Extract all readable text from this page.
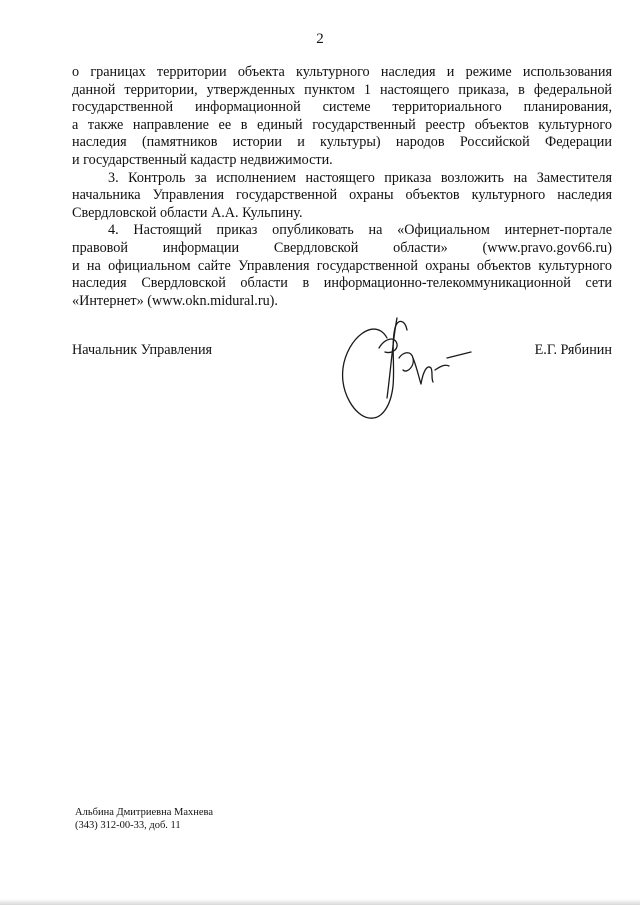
2
о границах территории объекта культурного наследия и режиме использования
данной территории, утвержденных пунктом 1 настоящего приказа, в федеральной
государственной информационной системе территориального планирования,
а также направление ее в единый государственный реестр объектов культурного
наследия (памятников истории и культуры) народов Российской Федерации
и государственный кадастр недвижимости.
3. Контроль за исполнением настоящего приказа возложить на Заместителя
начальника Управления государственной охраны объектов культурного наследия
Свердловской области А.А. Кульпину.
4. Настоящий приказ опубликовать на «Официальном интернет-портале
правовой информации Свердловской области» (www.pravo.gov66.ru)
и на официальном сайте Управления государственной охраны объектов культурного
наследия Свердловской области в информационно-телекоммуникационной сети
«Интернет» (www.okn.midural.ru).
Начальник Управления	Е.Г. Рябинин
Альбина Дмитриевна Махнева
(343) 312-00-33, доб. 11
